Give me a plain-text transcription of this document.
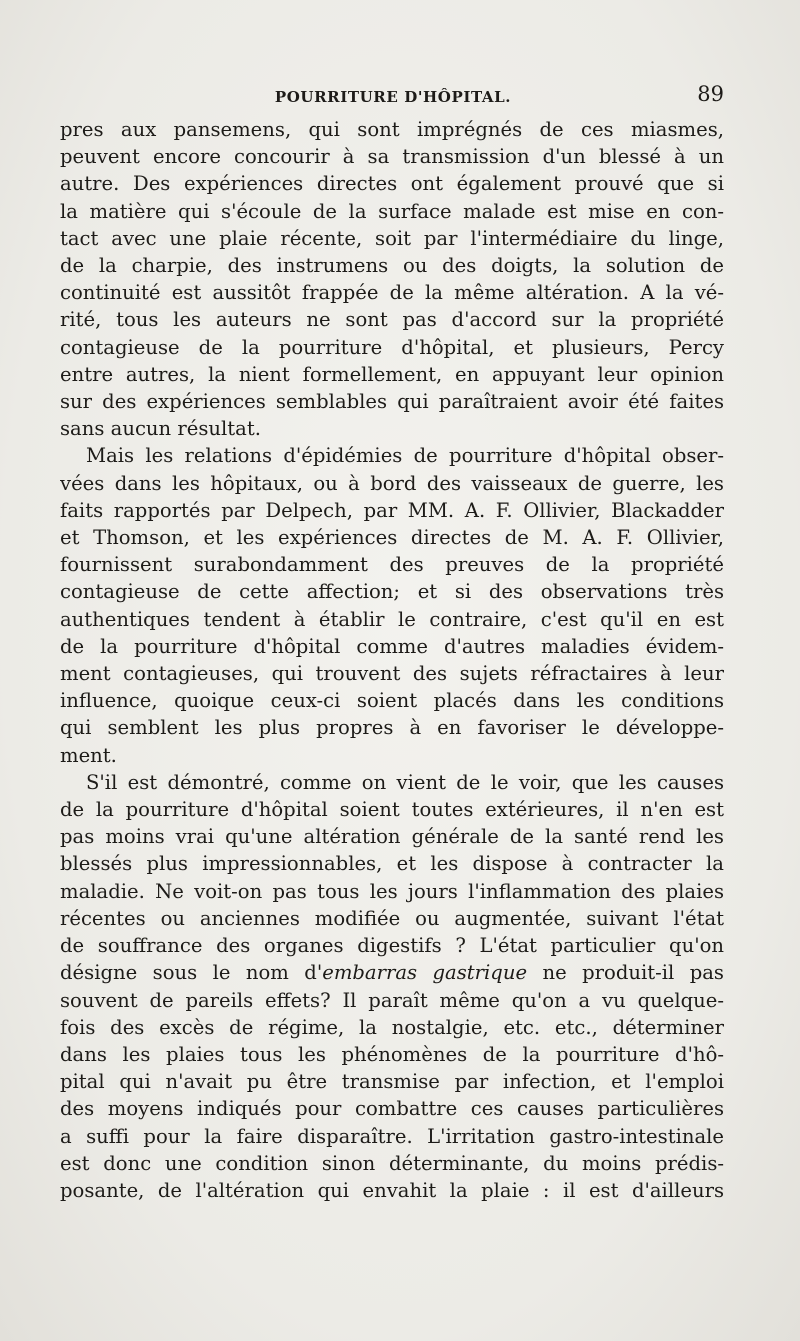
POURRITURE D'HÔPITAL.	89

pres aux pansemens, qui sont imprégnés de ces miasmes,

peuvent encore concourir à sa transmission d'un blessé à un

autre. Des expériences directes ont également prouvé que si

la matière qui s'écoule de la surface malade est mise en con-

tact avec une plaie récente, soit par l'intermédiaire du linge,

de la charpie, des instrumens ou des doigts, la solution de

continuité est aussitôt frappée de la même altération. A la vé-

rité, tous les auteurs ne sont pas d'accord sur la propriété

contagieuse de la pourriture d'hôpital, et plusieurs, Percy

entre autres, la nient formellement, en appuyant leur opinion

sur des expériences semblables qui paraîtraient avoir été faites

sans aucun résultat.

Mais les relations d'épidémies de pourriture d'hôpital obser-

vées dans les hôpitaux, ou à bord des vaisseaux de guerre, les

faits rapportés par Delpech, par MM. A. F. Ollivier, Blackadder

et Thomson, et les expériences directes de M. A. F. Ollivier,

fournissent surabondamment des preuves de la propriété

contagieuse de cette affection; et si des observations très

authentiques tendent à établir le contraire, c'est qu'il en est

de la pourriture d'hôpital comme d'autres maladies évidem-

ment contagieuses, qui trouvent des sujets réfractaires à leur

influence, quoique ceux-ci soient placés dans les conditions

qui semblent les plus propres à en favoriser le développe-

ment.

S'il est démontré, comme on vient de le voir, que les causes

de la pourriture d'hôpital soient toutes extérieures, il n'en est

pas moins vrai qu'une altération générale de la santé rend les

blessés plus impressionnables, et les dispose à contracter la

maladie. Ne voit-on pas tous les jours l'inflammation des plaies

récentes ou anciennes modifiée ou augmentée, suivant l'état

de souffrance des organes digestifs ? L'état particulier qu'on

désigne sous le nom d'embarras gastrique ne produit-il pas

souvent de pareils effets? Il paraît même qu'on a vu quelque-

fois des excès de régime, la nostalgie, etc. etc., déterminer

dans les plaies tous les phénomènes de la pourriture d'hô-

pital qui n'avait pu être transmise par infection, et l'emploi

des moyens indiqués pour combattre ces causes particulières

a suffi pour la faire disparaître. L'irritation gastro-intestinale

est donc une condition sinon déterminante, du moins prédis-

posante, de l'altération qui envahit la plaie : il est d'ailleurs
